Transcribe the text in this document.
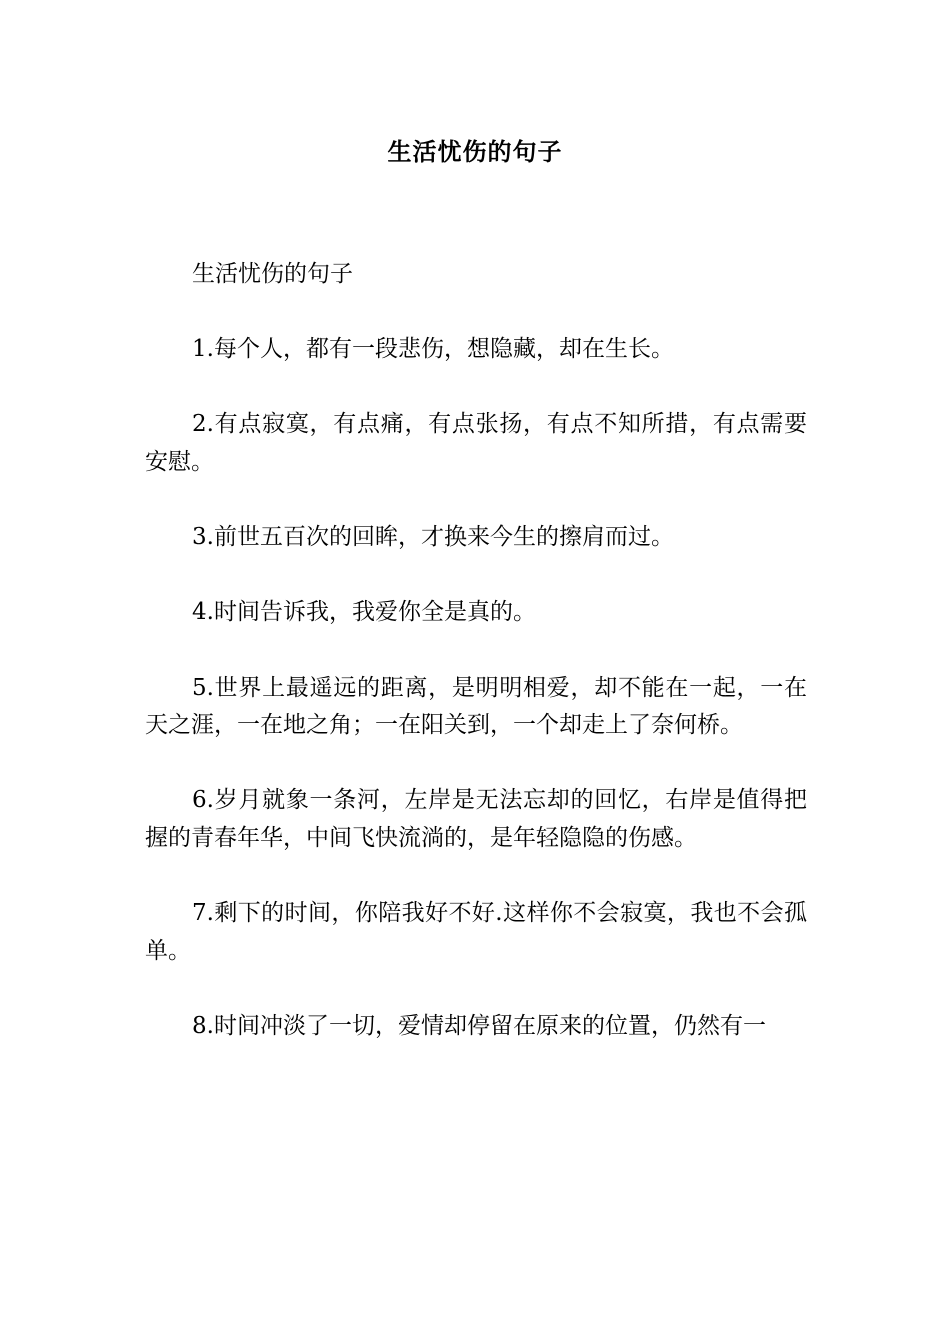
生活忧伤的句子

生活忧伤的句子

1.每个人，都有一段悲伤，想隐藏，却在生长。

2.有点寂寞，有点痛，有点张扬，有点不知所措，有点需要安慰。

3.前世五百次的回眸，才换来今生的擦肩而过。

4.时间告诉我，我爱你全是真的。

5.世界上最遥远的距离，是明明相爱，却不能在一起，一在天之涯，一在地之角；一在阳关到，一个却走上了奈何桥。

6.岁月就象一条河，左岸是无法忘却的回忆，右岸是值得把握的青春年华，中间飞快流淌的，是年轻隐隐的伤感。

7.剩下的时间，你陪我好不好.这样你不会寂寞，我也不会孤单。

8.时间冲淡了一切，爱情却停留在原来的位置，仍然有一
